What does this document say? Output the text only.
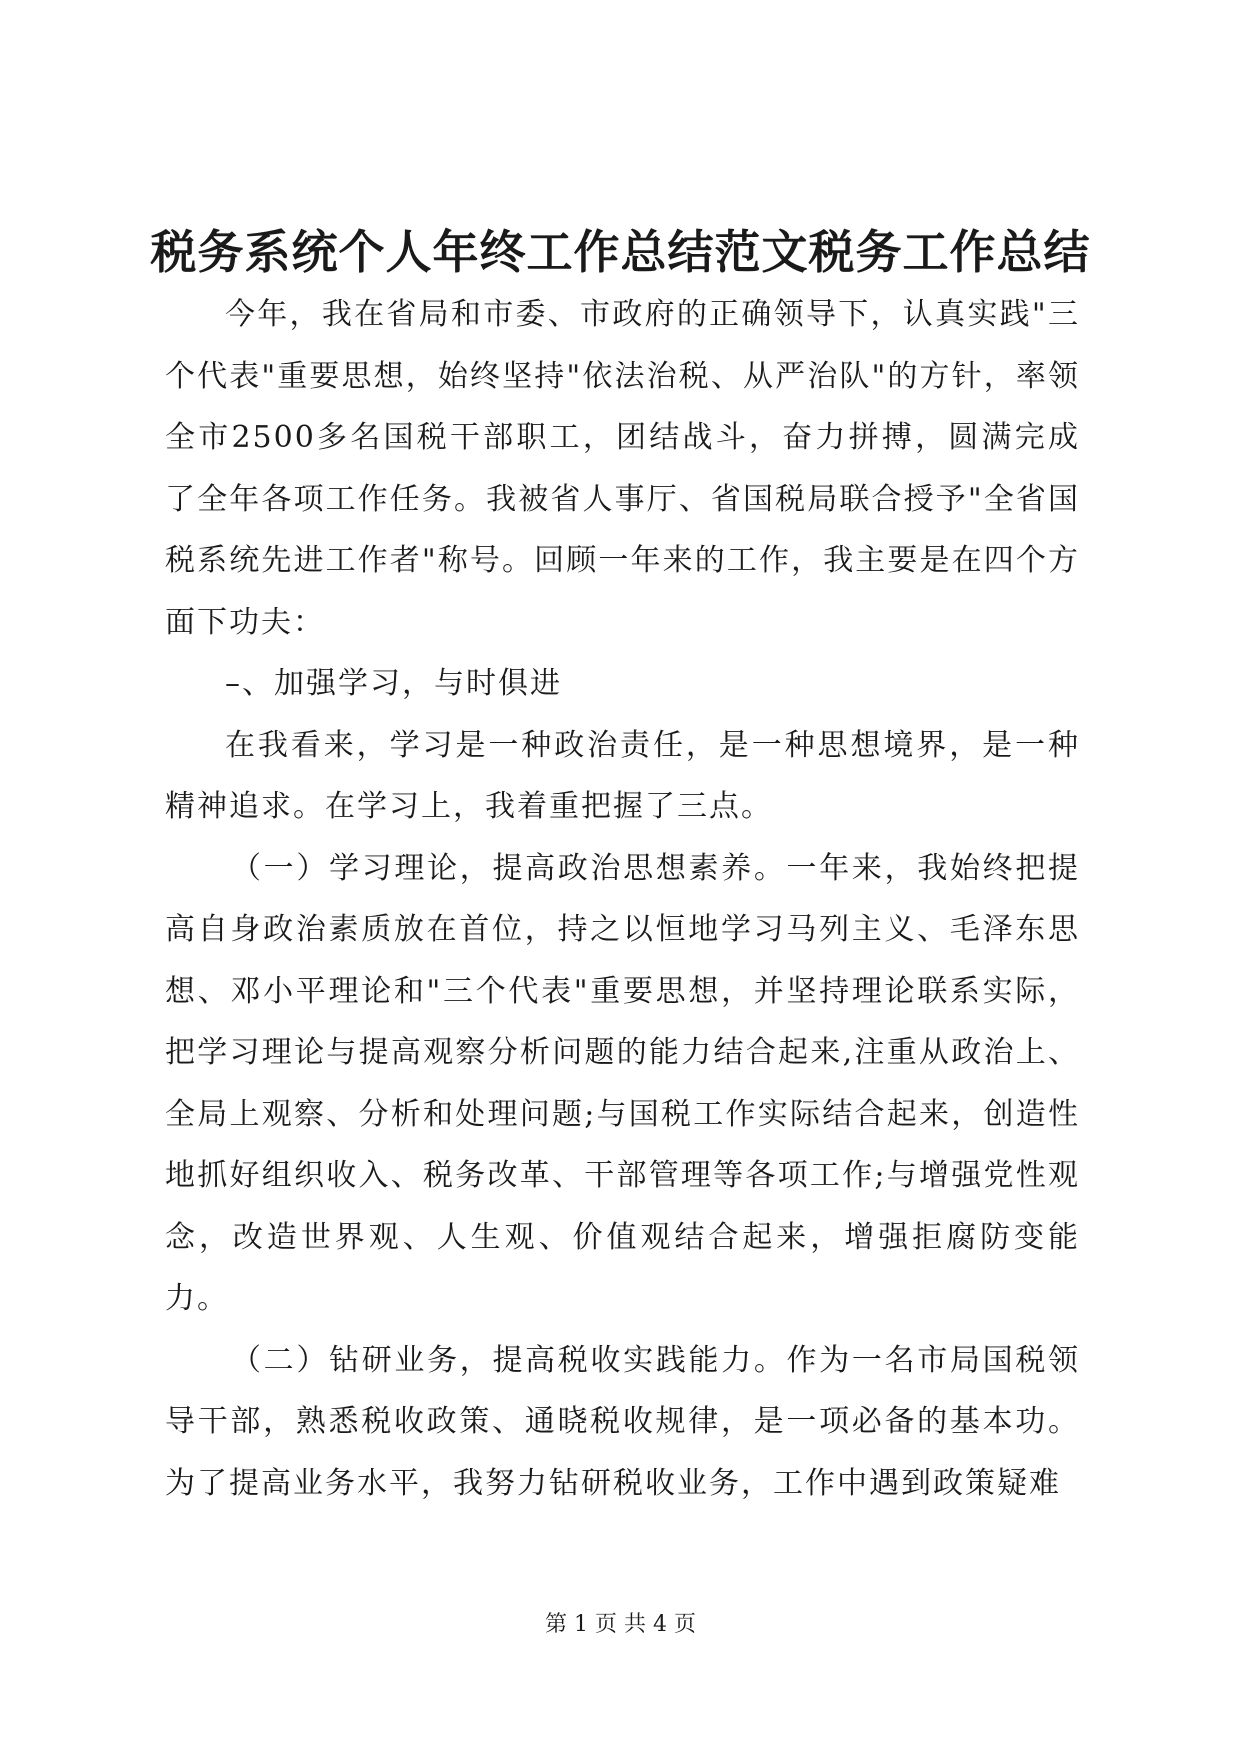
税务系统个人年终工作总结范文税务工作总结

今年，我在省局和市委、市政府的正确领导下，认真实践"三个代表"重要思想，始终坚持"依法治税、从严治队"的方针，率领全市2500多名国税干部职工，团结战斗，奋力拼搏，圆满完成了全年各项工作任务。我被省人事厅、省国税局联合授予"全省国税系统先进工作者"称号。回顾一年来的工作，我主要是在四个方面下功夫：

–、加强学习，与时俱进

在我看来，学习是一种政治责任，是一种思想境界，是一种精神追求。在学习上，我着重把握了三点。

（一）学习理论，提高政治思想素养。一年来，我始终把提高自身政治素质放在首位，持之以恒地学习马列主义、毛泽东思想、邓小平理论和"三个代表"重要思想，并坚持理论联系实际，把学习理论与提高观察分析问题的能力结合起来,注重从政治上、全局上观察、分析和处理问题;与国税工作实际结合起来，创造性地抓好组织收入、税务改革、干部管理等各项工作;与增强党性观念，改造世界观、人生观、价值观结合起来，增强拒腐防变能力。

（二）钻研业务，提高税收实践能力。作为一名市局国税领导干部，熟悉税收政策、通晓税收规律，是一项必备的基本功。为了提高业务水平，我努力钻研税收业务，工作中遇到政策疑难

第 1 页 共 4 页
